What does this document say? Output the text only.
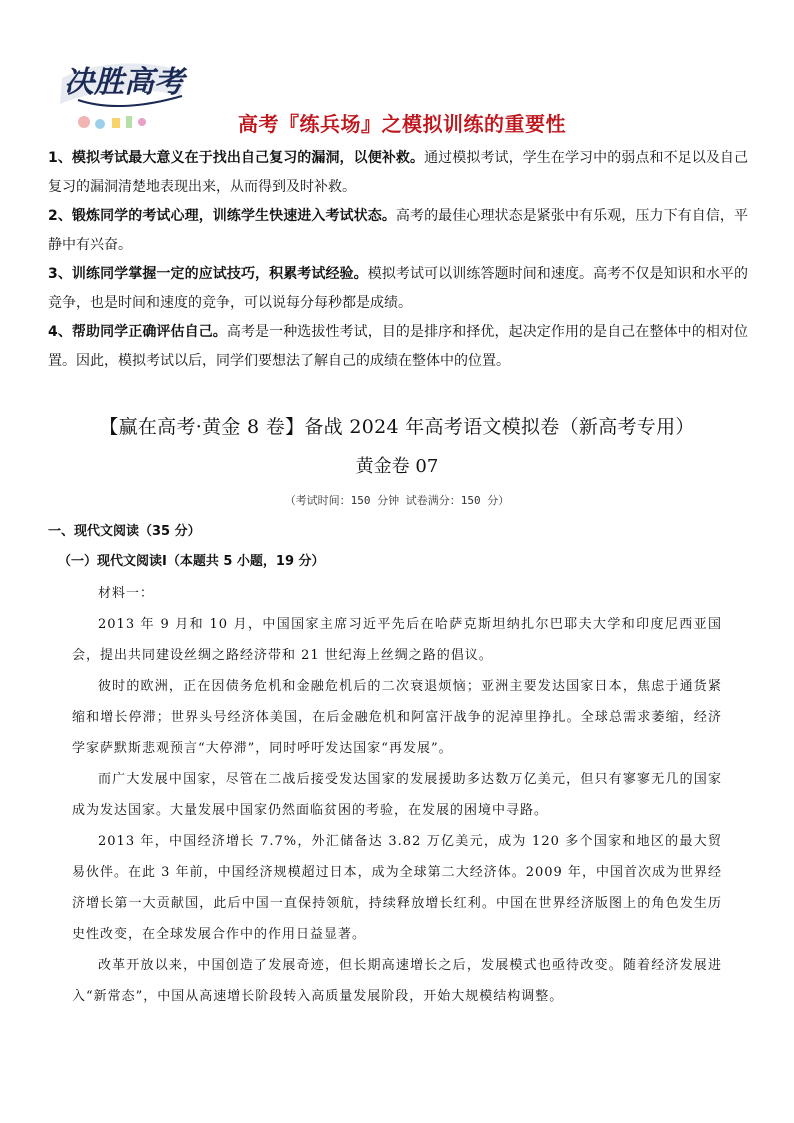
决胜高考
高考『练兵场』之模拟训练的重要性

1、模拟考试最大意义在于找出自己复习的漏洞，以便补救。通过模拟考试，学生在学习中的弱点和不足以及自己复习的漏洞清楚地表现出来，从而得到及时补救。

2、锻炼同学的考试心理，训练学生快速进入考试状态。高考的最佳心理状态是紧张中有乐观，压力下有自信，平静中有兴奋。

3、训练同学掌握一定的应试技巧，积累考试经验。模拟考试可以训练答题时间和速度。高考不仅是知识和水平的竞争，也是时间和速度的竞争，可以说每分每秒都是成绩。

4、帮助同学正确评估自己。高考是一种选拔性考试，目的是排序和择优，起决定作用的是自己在整体中的相对位置。因此，模拟考试以后，同学们要想法了解自己的成绩在整体中的位置。

【赢在高考·黄金 8 卷】备战 2024 年高考语文模拟卷（新高考专用）
黄金卷 07
（考试时间：150 分钟 试卷满分：150 分）
一、现代文阅读（35 分）
（一）现代文阅读Ⅰ（本题共 5 小题，19 分）

材料一：

2013 年 9 月和 10 月，中国国家主席习近平先后在哈萨克斯坦纳扎尔巴耶夫大学和印度尼西亚国会，提出共同建设丝绸之路经济带和 21 世纪海上丝绸之路的倡议。

彼时的欧洲，正在因债务危机和金融危机后的二次衰退烦恼；亚洲主要发达国家日本，焦虑于通货紧缩和增长停滞；世界头号经济体美国，在后金融危机和阿富汗战争的泥淖里挣扎。全球总需求萎缩，经济学家萨默斯悲观预言“大停滞”，同时呼吁发达国家“再发展”。

而广大发展中国家，尽管在二战后接受发达国家的发展援助多达数万亿美元，但只有寥寥无几的国家成为发达国家。大量发展中国家仍然面临贫困的考验，在发展的困境中寻路。

2013 年，中国经济增长 7.7%，外汇储备达 3.82 万亿美元，成为 120 多个国家和地区的最大贸易伙伴。在此 3 年前，中国经济规模超过日本，成为全球第二大经济体。2009 年，中国首次成为世界经济增长第一大贡献国，此后中国一直保持领航，持续释放增长红利。中国在世界经济版图上的角色发生历史性改变，在全球发展合作中的作用日益显著。

改革开放以来，中国创造了发展奇迹，但长期高速增长之后，发展模式也亟待改变。随着经济发展进入“新常态”，中国从高速增长阶段转入高质量发展阶段，开始大规模结构调整。
